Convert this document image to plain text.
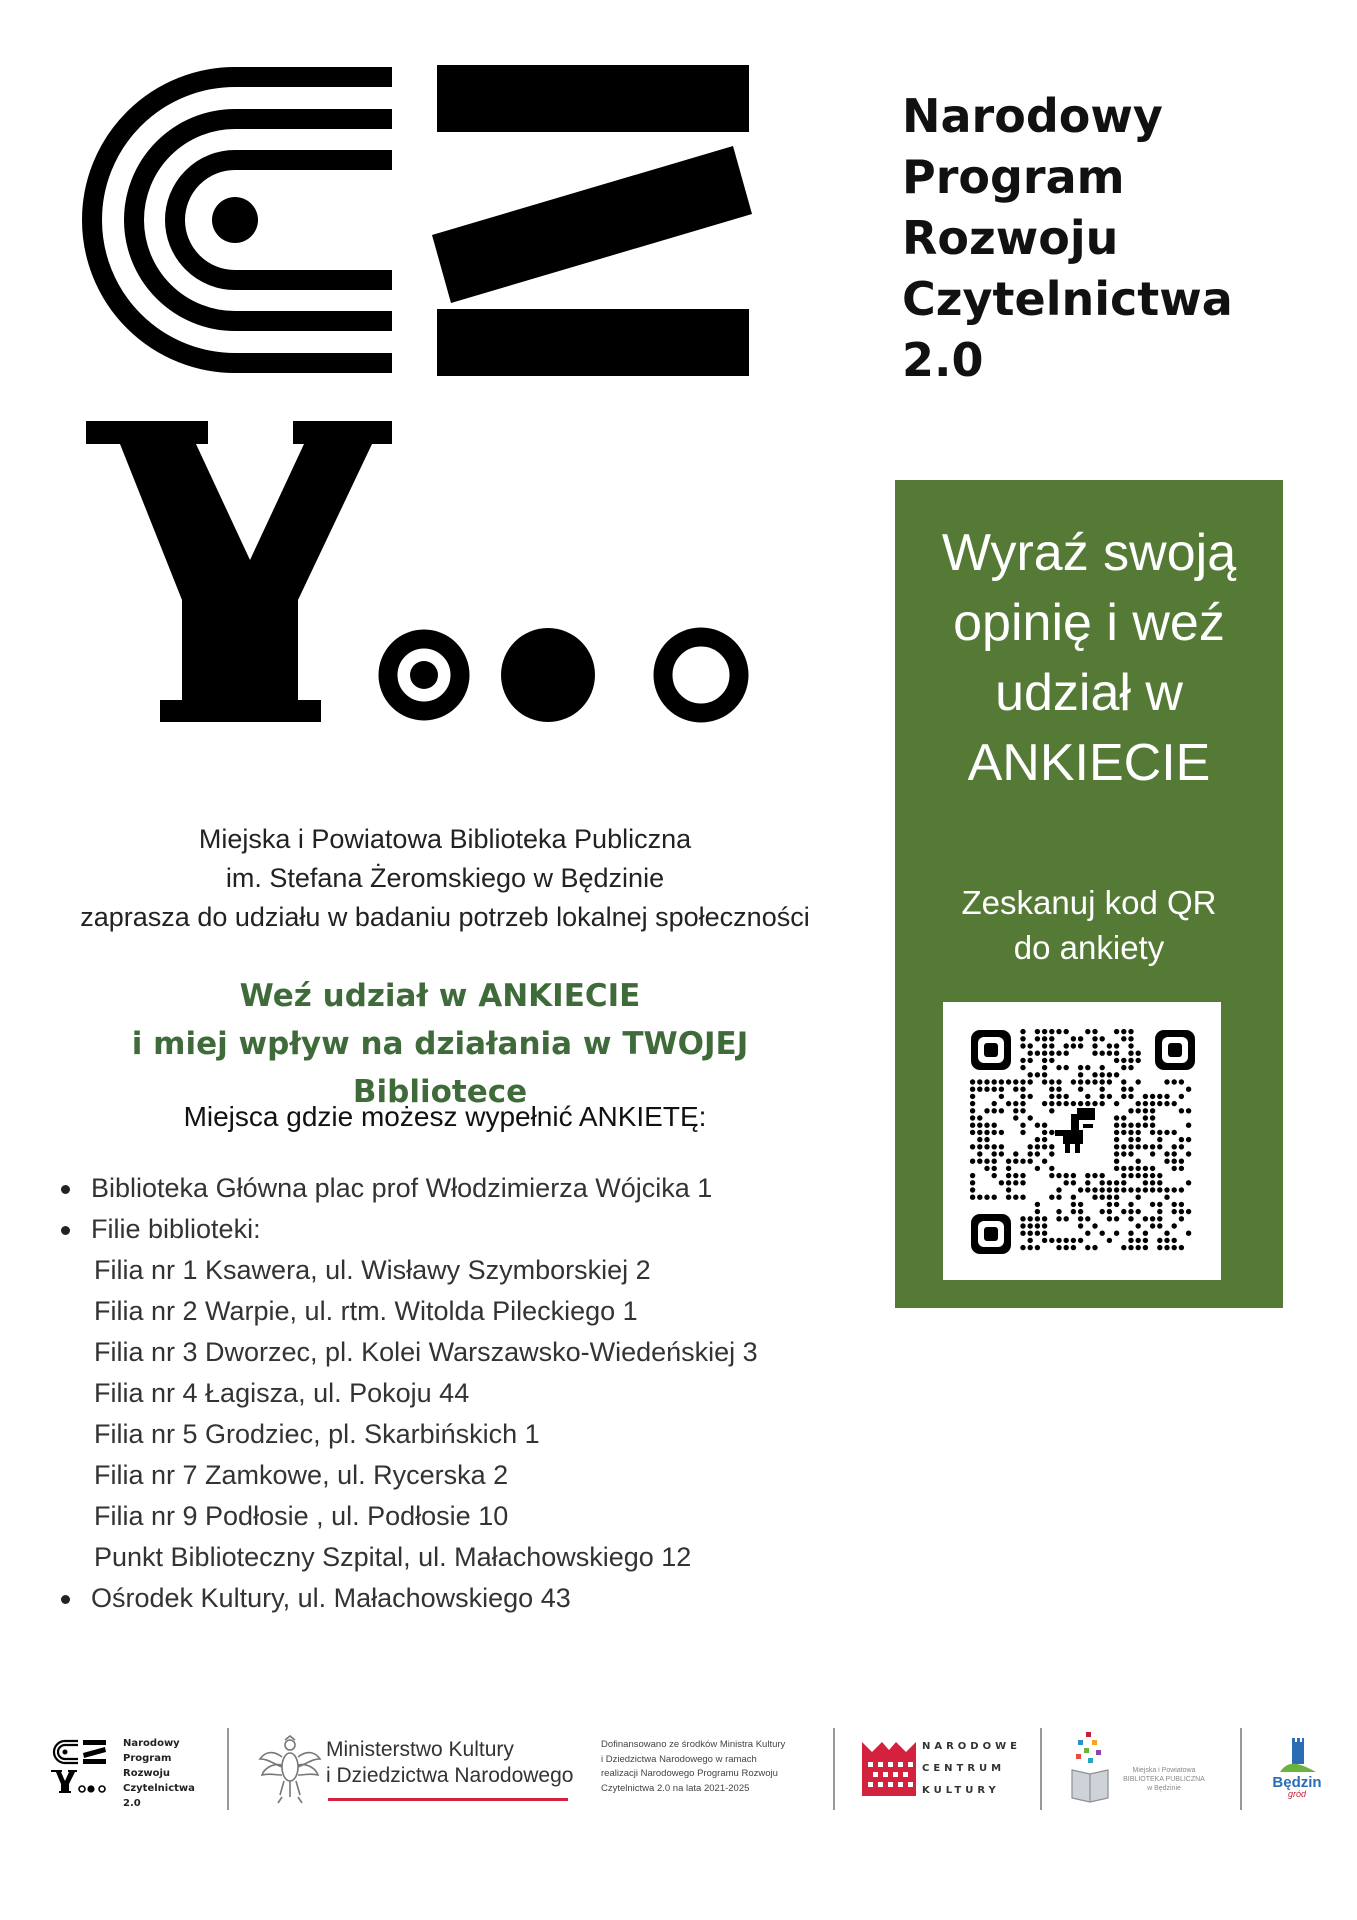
Narodowy
Program
Rozwoju
Czytelnictwa
2.0
Wyraź swoją
opinię i weź
udział w
ANKIECIE
Zeskanuj kod QR
do ankiety
Miejska i Powiatowa Biblioteka Publiczna
im. Stefana Żeromskiego w Będzinie
zaprasza do udziału w badaniu potrzeb lokalnej społeczności
Weź udział w ANKIECIE
i miej wpływ na działania w TWOJEJ Bibliotece
Miejsca gdzie możesz wypełnić ANKIETĘ:
Biblioteka Główna plac prof Włodzimierza Wójcika 1
Filie biblioteki:
Filia nr 1 Ksawera, ul. Wisławy Szymborskiej 2
Filia nr 2 Warpie, ul. rtm. Witolda Pileckiego 1
Filia nr 3 Dworzec, pl. Kolei Warszawsko-Wiedeńskiej 3
Filia nr 4 Łagisza, ul. Pokoju 44
Filia nr 5 Grodziec, pl. Skarbińskich 1
Filia nr 7 Zamkowe, ul. Rycerska 2
Filia nr 9 Podłosie , ul. Podłosie 10
Punkt Biblioteczny Szpital, ul. Małachowskiego 12
Ośrodek Kultury, ul. Małachowskiego 43
Narodowy
Program
Rozwoju
Czytelnictwa
2.0
Ministerstwo Kultury
i Dziedzictwa Narodowego
Dofinansowano ze środków Ministra Kultury
i Dziedzictwa Narodowego w ramach
realizacji Narodowego Programu Rozwoju
Czytelnictwa 2.0 na lata 2021-2025
NARODOWE
CENTRUM
KULTURY
Miejska i Powiatowa
BIBLIOTEKA PUBLICZNA
w Będzinie	Będzin
gród
